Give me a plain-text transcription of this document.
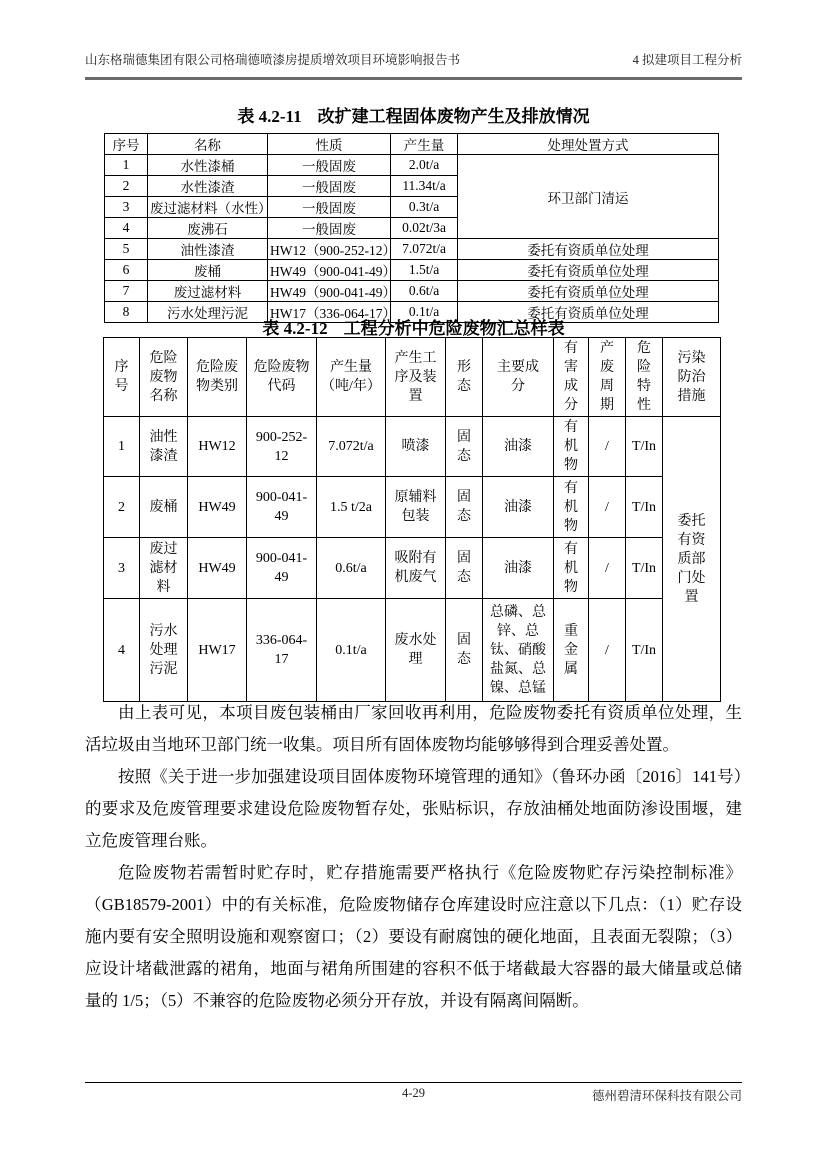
山东格瑞德集团有限公司格瑞德喷漆房提质增效项目环境影响报告书	4 拟建项目工程分析
表 4.2-11 改扩建工程固体废物产生及排放情况
序号	名称	性质	产生量	处理处置方式
1	水性漆桶	一般固废	2.0t/a	环卫部门清运
2	水性漆渣	一般固废	11.34t/a	
3	废过滤材料（水性）	一般固废	0.3t/a	
4	废沸石	一般固废	0.02t/3a	
5	油性漆渣	HW12（900-252-12）	7.072t/a	委托有资质单位处理
6	废桶	HW49（900-041-49）	1.5t/a	委托有资质单位处理
7	废过滤材料	HW49（900-041-49）	0.6t/a	委托有资质单位处理
8	污水处理污泥	HW17（336-064-17）	0.1t/a	委托有资质单位处理
表 4.2-12 工程分析中危险废物汇总样表
序号	危险废物名称	危险废物类别	危险废物代码	产生量（吨/年）	产生工序及装置	形态	主要成分	有害成分	产废周期	危险特性	污染防治措施
1	油性漆渣	HW12	900-252-12	7.072t/a	喷漆	固态	油漆	有机物	/	T/In	委托有资质部门处置
2	废桶	HW49	900-041-49	1.5 t/2a	原辅料包装	固态	油漆	有机物	/	T/In	
3	废过滤材料	HW49	900-041-49	0.6t/a	吸附有机废气	固态	油漆	有机物	/	T/In	
4	污水处理污泥	HW17	336-064-17	0.1t/a	废水处理	固态	总磷、总锌、总钛、硝酸盐氮、总镍、总锰	重金属	/	T/In	

由上表可见，本项目废包装桶由厂家回收再利用，危险废物委托有资质单位处理，生活垃圾由当地环卫部门统一收集。项目所有固体废物均能够够得到合理妥善处置。

按照《关于进一步加强建设项目固体废物环境管理的通知》（鲁环办函〔2016〕141号）的要求及危废管理要求建设危险废物暂存处，张贴标识，存放油桶处地面防渗设围堰，建立危废管理台账。

危险废物若需暂时贮存时，贮存措施需要严格执行《危险废物贮存污染控制标准》（GB18579-2001）中的有关标准，危险废物储存仓库建设时应注意以下几点：（1）贮存设施内要有安全照明设施和观察窗口；（2）要设有耐腐蚀的硬化地面，且表面无裂隙；（3）应设计堵截泄露的裙角，地面与裙角所围建的容积不低于堵截最大容器的最大储量或总储量的 1/5；（5）不兼容的危险废物必须分开存放，并设有隔离间隔断。

4-29	德州碧清环保科技有限公司
